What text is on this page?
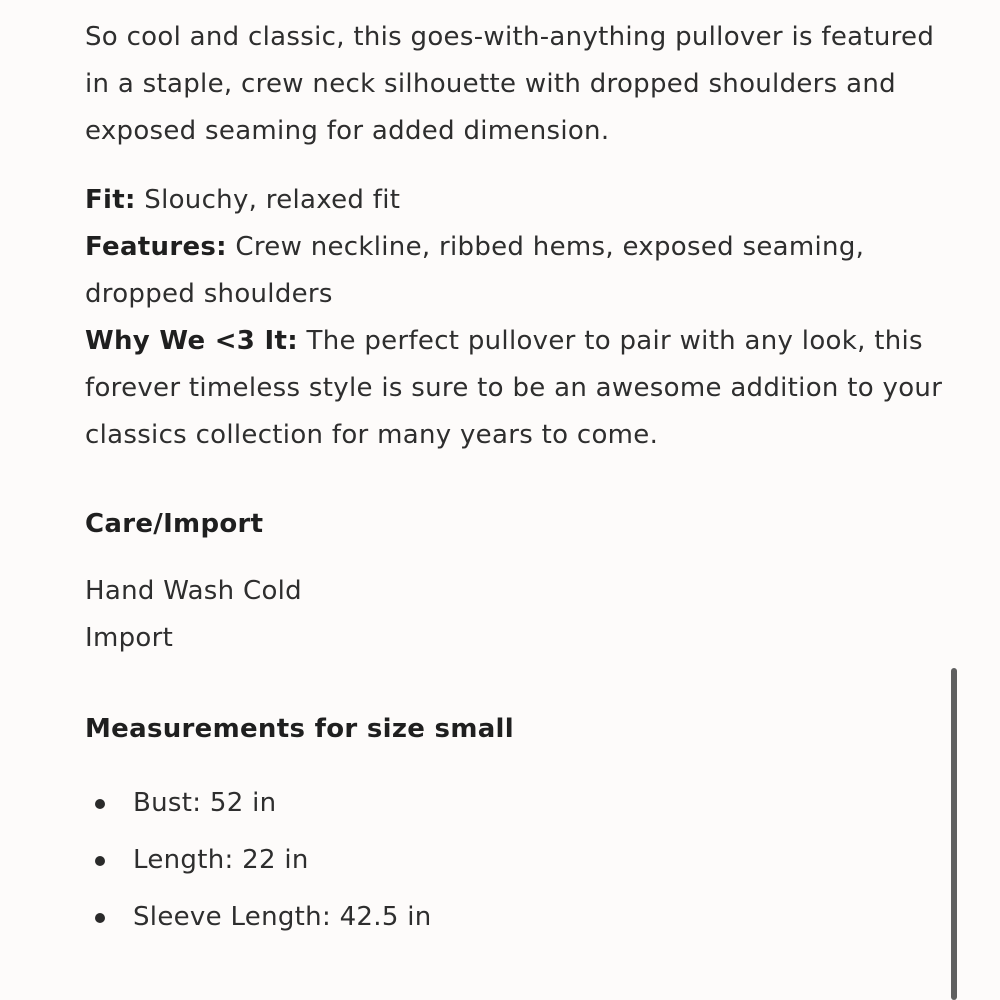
So cool and classic, this goes-with-anything pullover is featured in a staple, crew neck silhouette with dropped shoulders and exposed seaming for added dimension.

Fit: Slouchy, relaxed fit

Features: Crew neckline, ribbed hems, exposed seaming, dropped shoulders

Why We <3 It: The perfect pullover to pair with any look, this forever timeless style is sure to be an awesome addition to your classics collection for many years to come.

Care/Import

Hand Wash Cold

Import

Measurements for size small
Bust: 52 in
Length: 22 in
Sleeve Length: 42.5 in
